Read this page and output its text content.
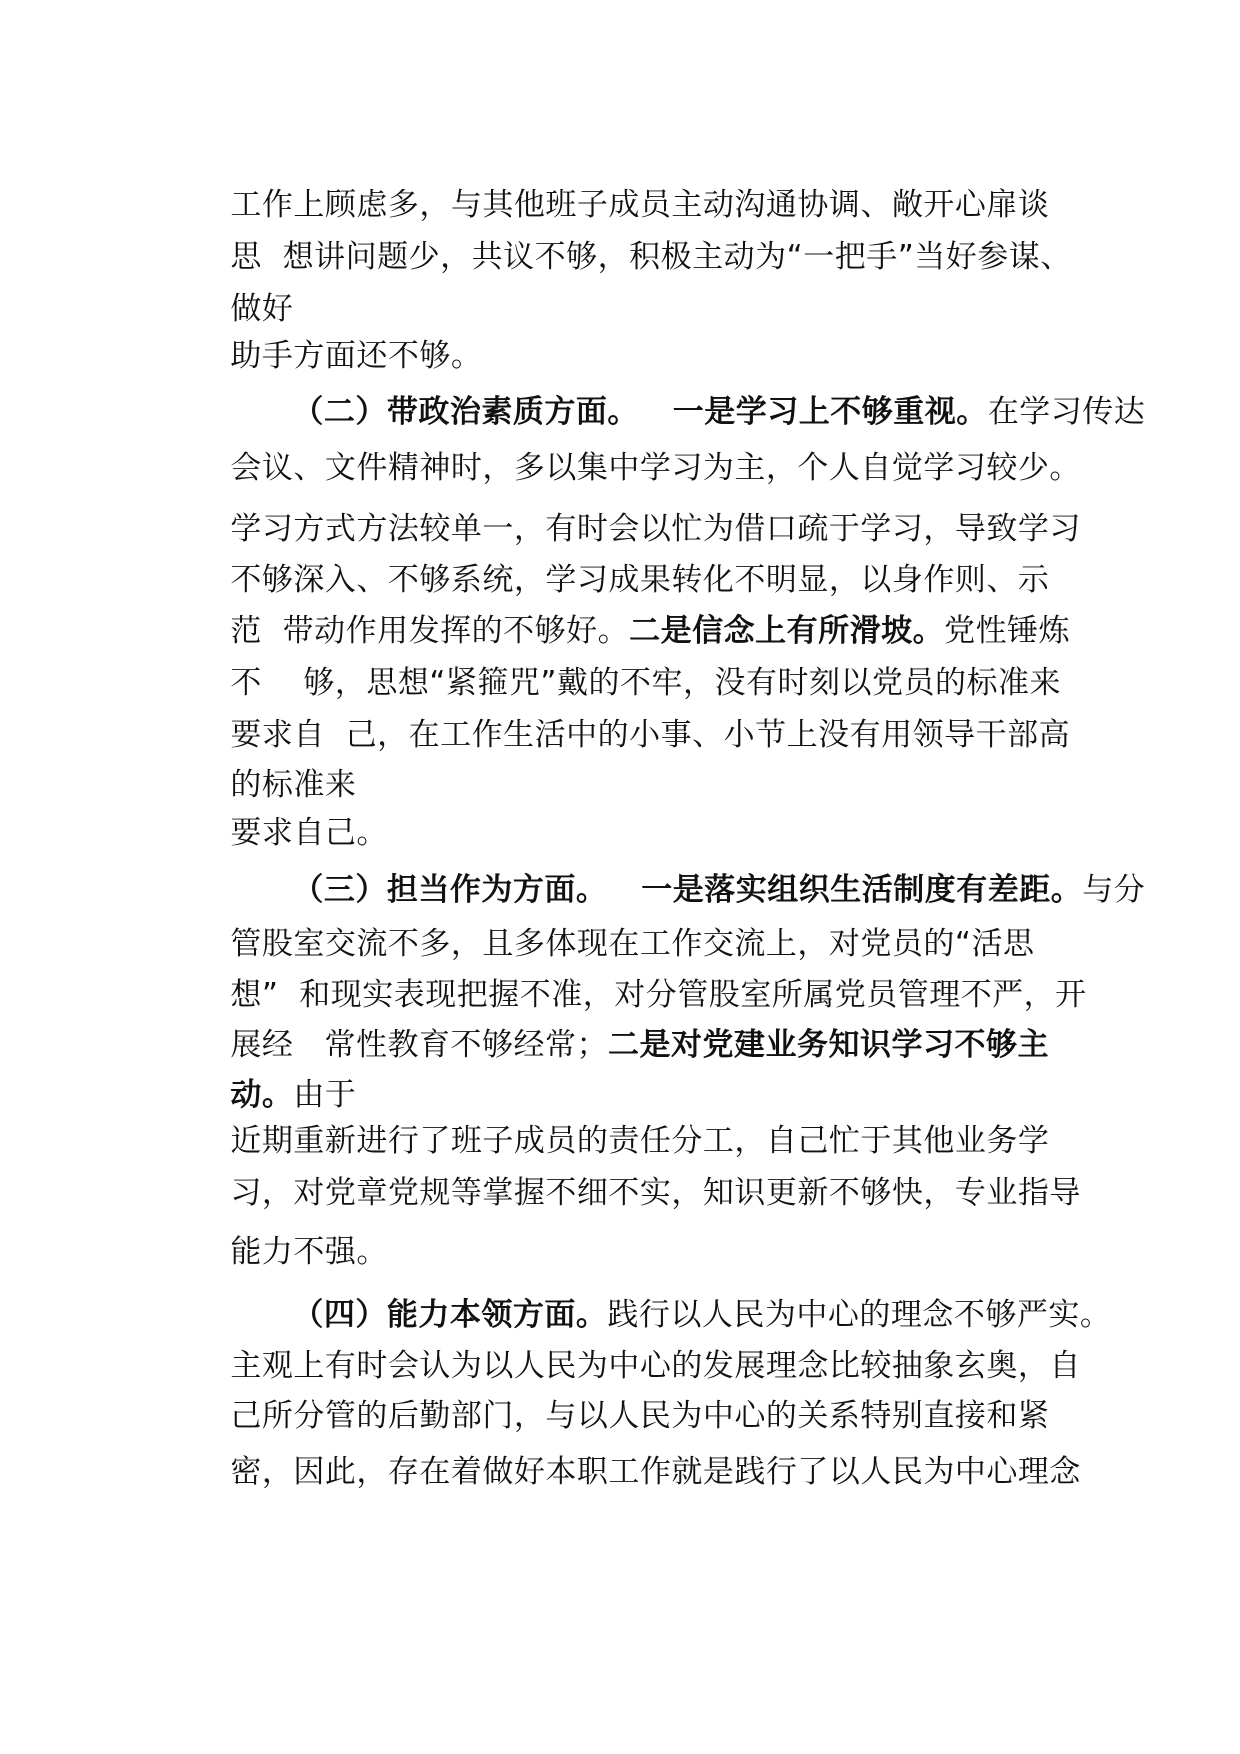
工作上顾虑多，与其他班子成员主动沟通协调、敞开心扉谈

思  想讲问题少，共议不够，积极主动为“一把手”当好参谋、

做好

助手方面还不够。

（二）带政治素质方面。   一是学习上不够重视。在学习传达

会议、文件精神时，多以集中学习为主，个人自觉学习较少。

学习方式方法较单一，有时会以忙为借口疏于学习，导致学习

不够深入、不够系统，学习成果转化不明显，以身作则、示

范  带动作用发挥的不够好。二是信念上有所滑坡。党性锤炼

不    够，思想“紧箍咒”戴的不牢，没有时刻以党员的标准来

要求自  己，在工作生活中的小事、小节上没有用领导干部高

的标准来

要求自己。

（三）担当作为方面。   一是落实组织生活制度有差距。与分

管股室交流不多，且多体现在工作交流上，对党员的“活思

想”  和现实表现把握不准，对分管股室所属党员管理不严，开

展经   常性教育不够经常；二是对党建业务知识学习不够主

动。由于

近期重新进行了班子成员的责任分工，自己忙于其他业务学

习，对党章党规等掌握不细不实，知识更新不够快，专业指导

能力不强。

（四）能力本领方面。践行以人民为中心的理念不够严实。

主观上有时会认为以人民为中心的发展理念比较抽象玄奥，自

己所分管的后勤部门，与以人民为中心的关系特别直接和紧

密，因此，存在着做好本职工作就是践行了以人民为中心理念
